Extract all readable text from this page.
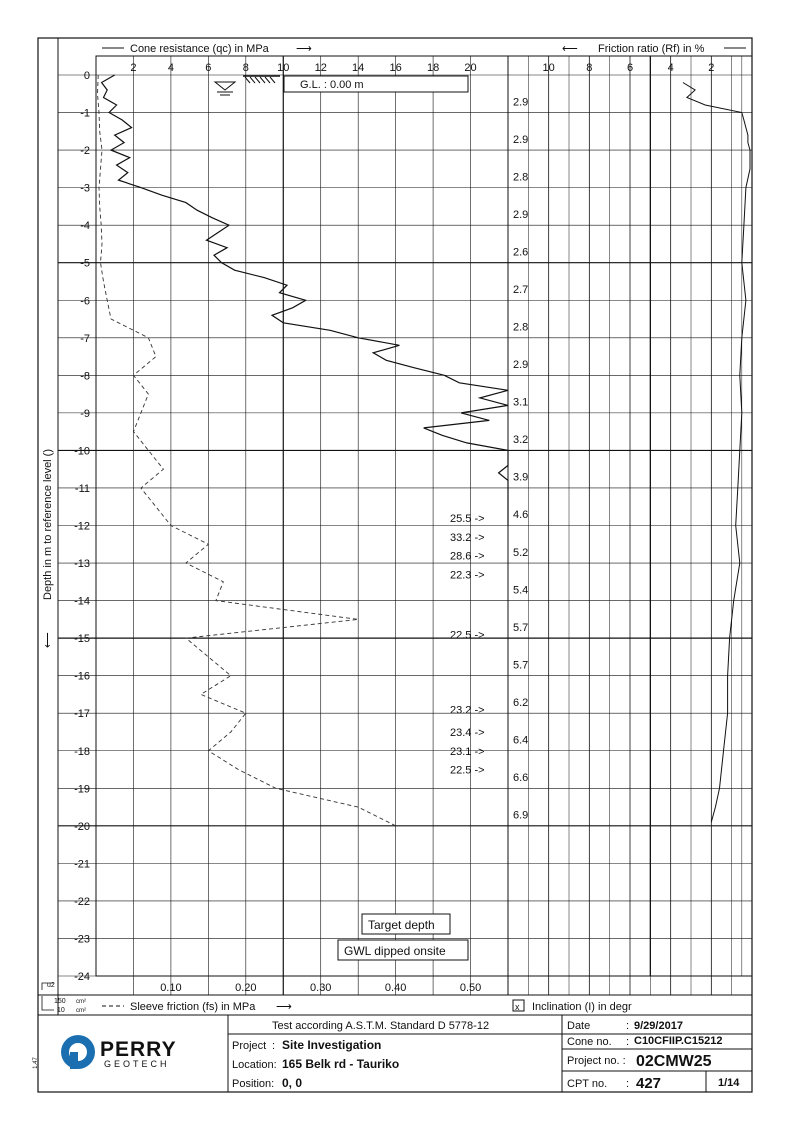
0
-1
-2
-3
-4
-5
-6
-7
-8
-9
-10
-11
-12
-13
-14
-15
-16
-17
-18
-19
-20
-21
-22
-23
-24
2	4	6	8	10 12 14 16 18 20	10	8	6	4	2
0.10	0.20	0.30	0.40	0.50
Cone resistance (qc) in MPa ⟶	⟵ Friction ratio (Rf) in %
G.L. : 0.00 m
Depth in m to reference level ()
⟵
2.9
2.9
2.8
2.9
2.6
2.7
2.8
2.9
3.1
3.2
3.9
4.6
5.2
5.4
5.7
5.7
6.2
6.4
6.6
6.9
25.5 ->
33.2 ->
28.6 ->
22.3 ->
22.5 ->
23.2 ->
23.4 ->
23.1 ->
22.5 ->
Target depth
GWL dipped onsite
u2
150 cm²
10 cm²	Sleeve friction (fs) in MPa ⟶	x Inclination (I) in degr
PERRY
GEOTECH
Test according A.S.T.M. Standard D 5778-12
Project : Site Investigation
Location: 165 Belk rd - Tauriko
Position: 0, 0
Date	: 9/29/2017
Cone no. : C10CFIIP.C15212
Project no. : 02CMW25
CPT no. : 427	1/14
1.47
